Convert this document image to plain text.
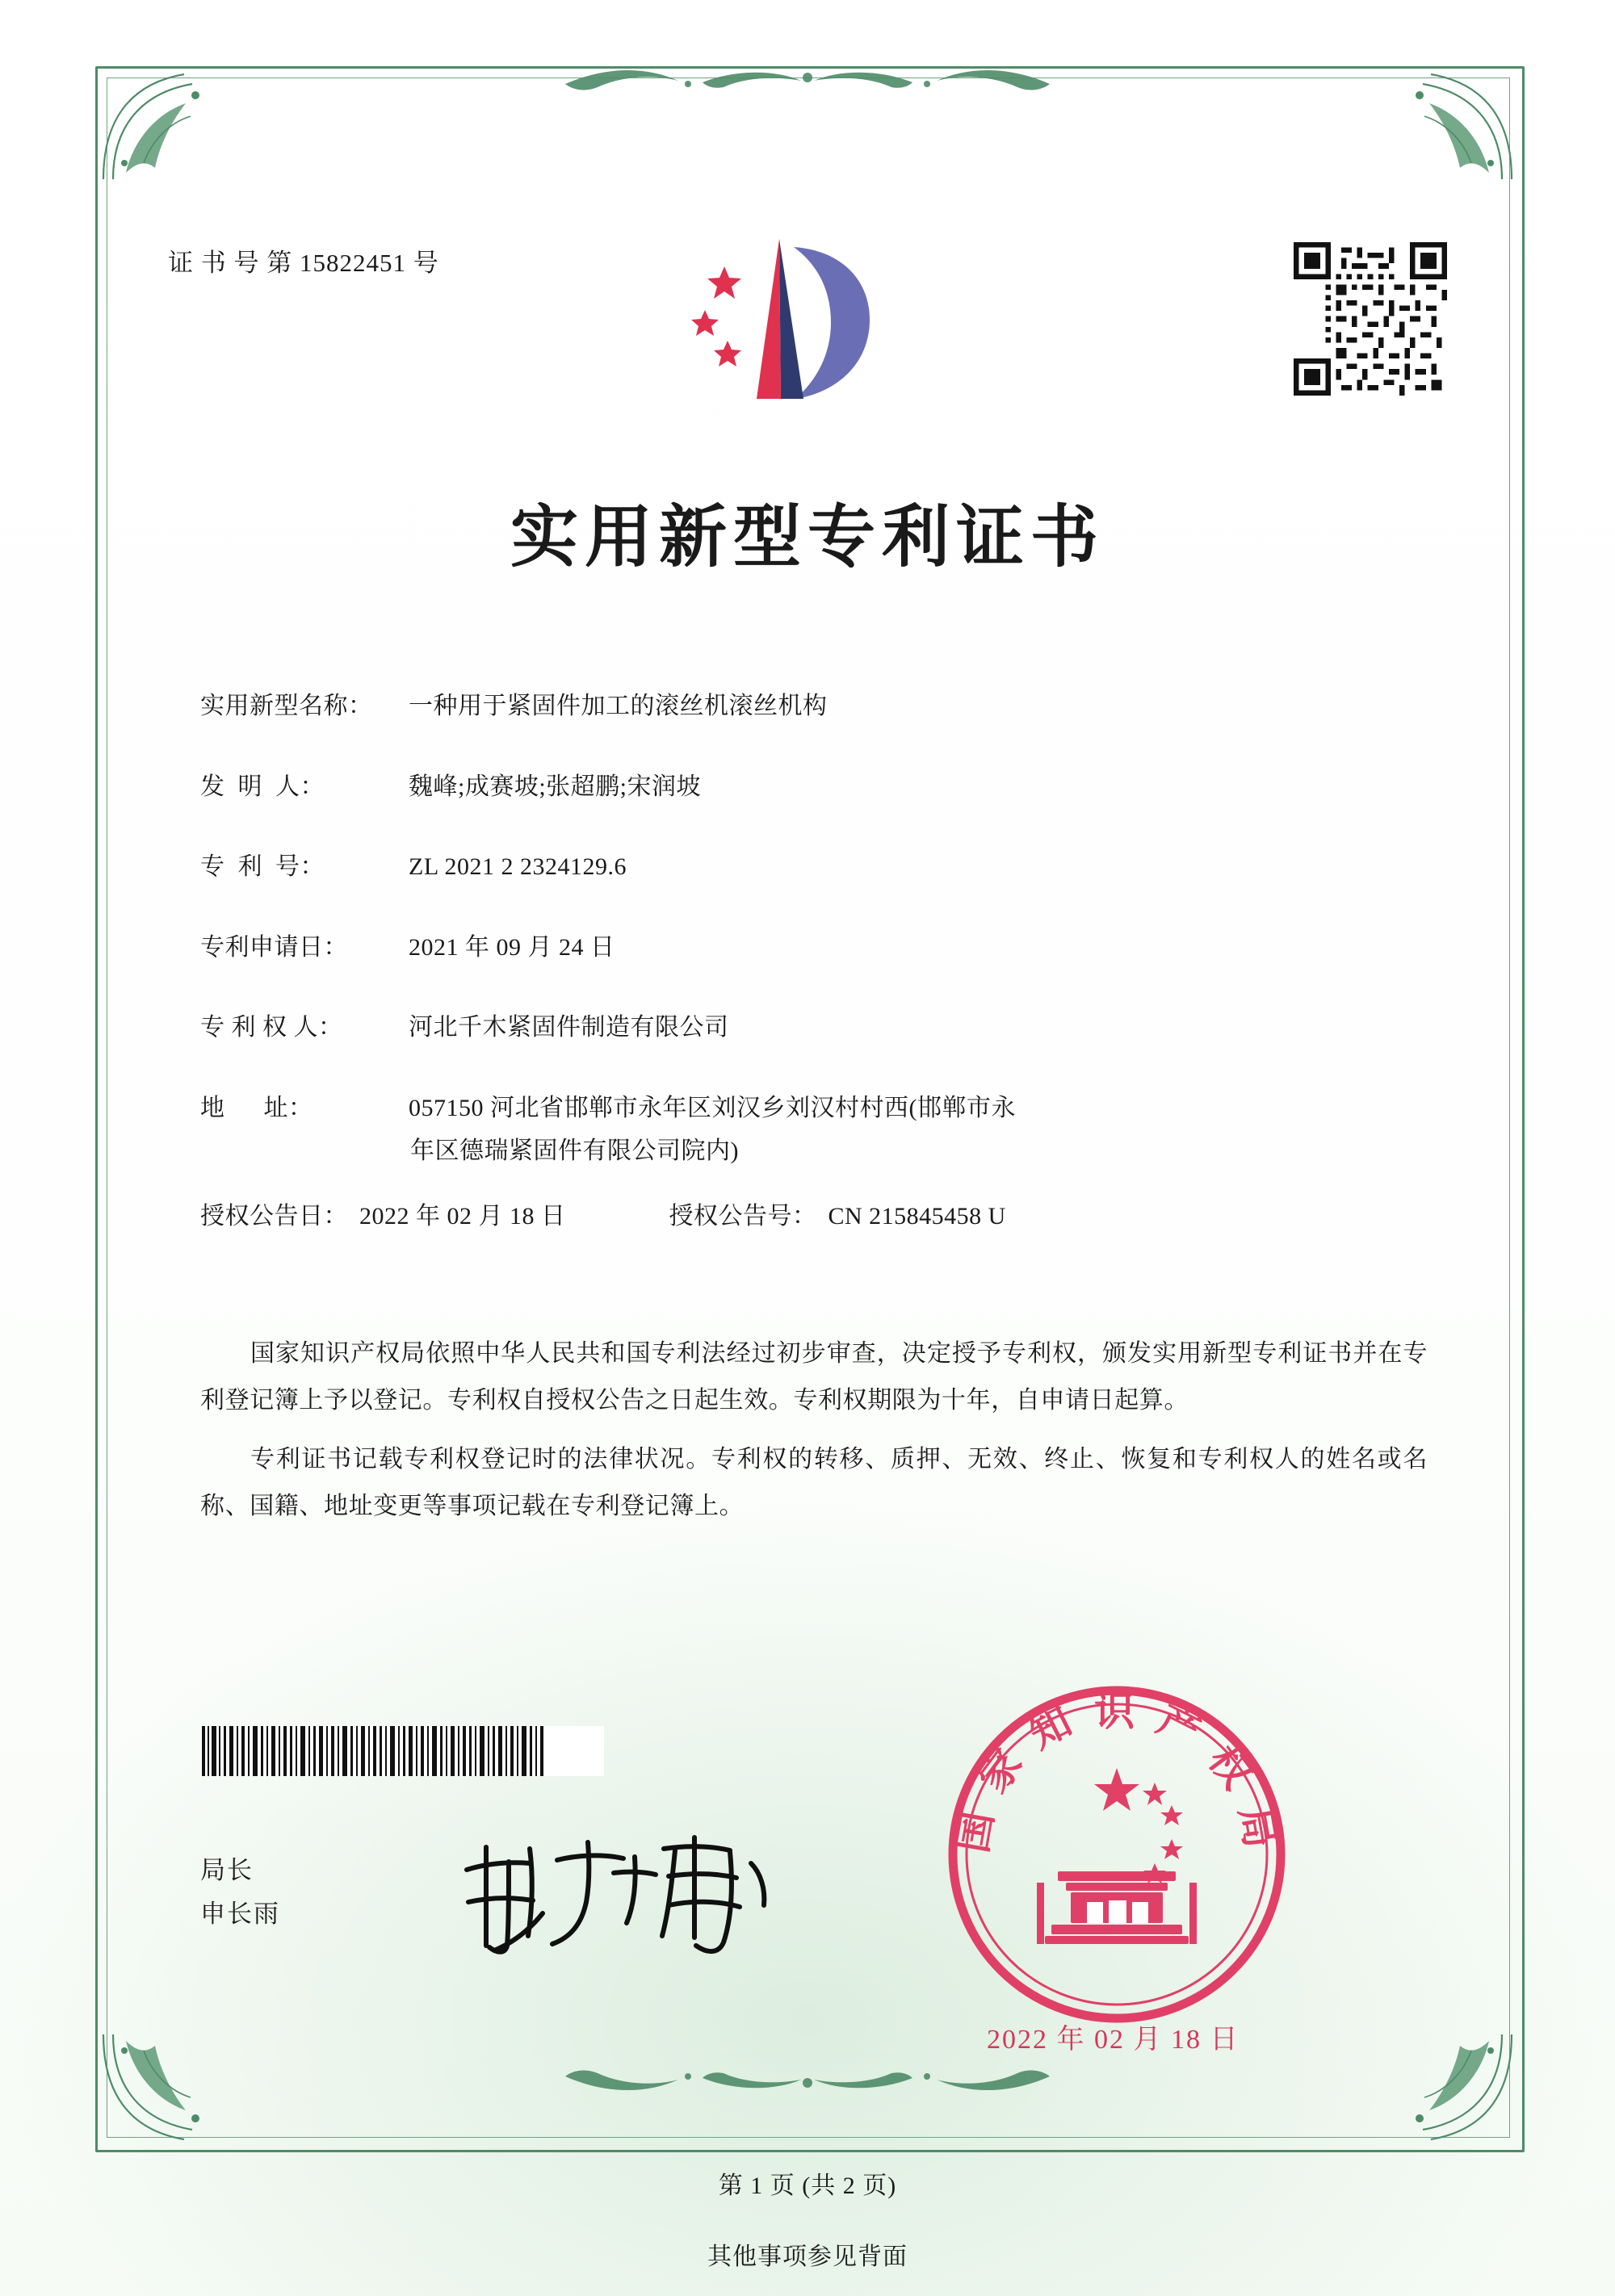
证 书 号 第 15822451 号
实用新型专利证书
实用新型名称：	一种用于紧固件加工的滚丝机滚丝机构
发  明  人：	魏峰;成赛坡;张超鹏;宋润坡
专  利  号：	ZL 2021 2 2324129.6
专利申请日：	2021 年 09 月 24 日
专 利 权 人：	河北千木紧固件制造有限公司
地      址：	057150 河北省邯郸市永年区刘汉乡刘汉村村西(邯郸市永
年区德瑞紧固件有限公司院内)
授权公告日： 2022 年 02 月 18 日	授权公告号： CN 215845458 U

国家知识产权局依照中华人民共和国专利法经过初步审查，决定授予专利权，颁发实用新型专利证书并在专利登记簿上予以登记。专利权自授权公告之日起生效。专利权期限为十年，自申请日起算。

专利证书记载专利权登记时的法律状况。专利权的转移、质押、无效、终止、恢复和专利权人的姓名或名称、国籍、地址变更等事项记载在专利登记簿上。

局长
申长雨
国 家 知 识 产 权 局
2022 年 02 月 18 日
第 1 页 (共 2 页)
其他事项参见背面
